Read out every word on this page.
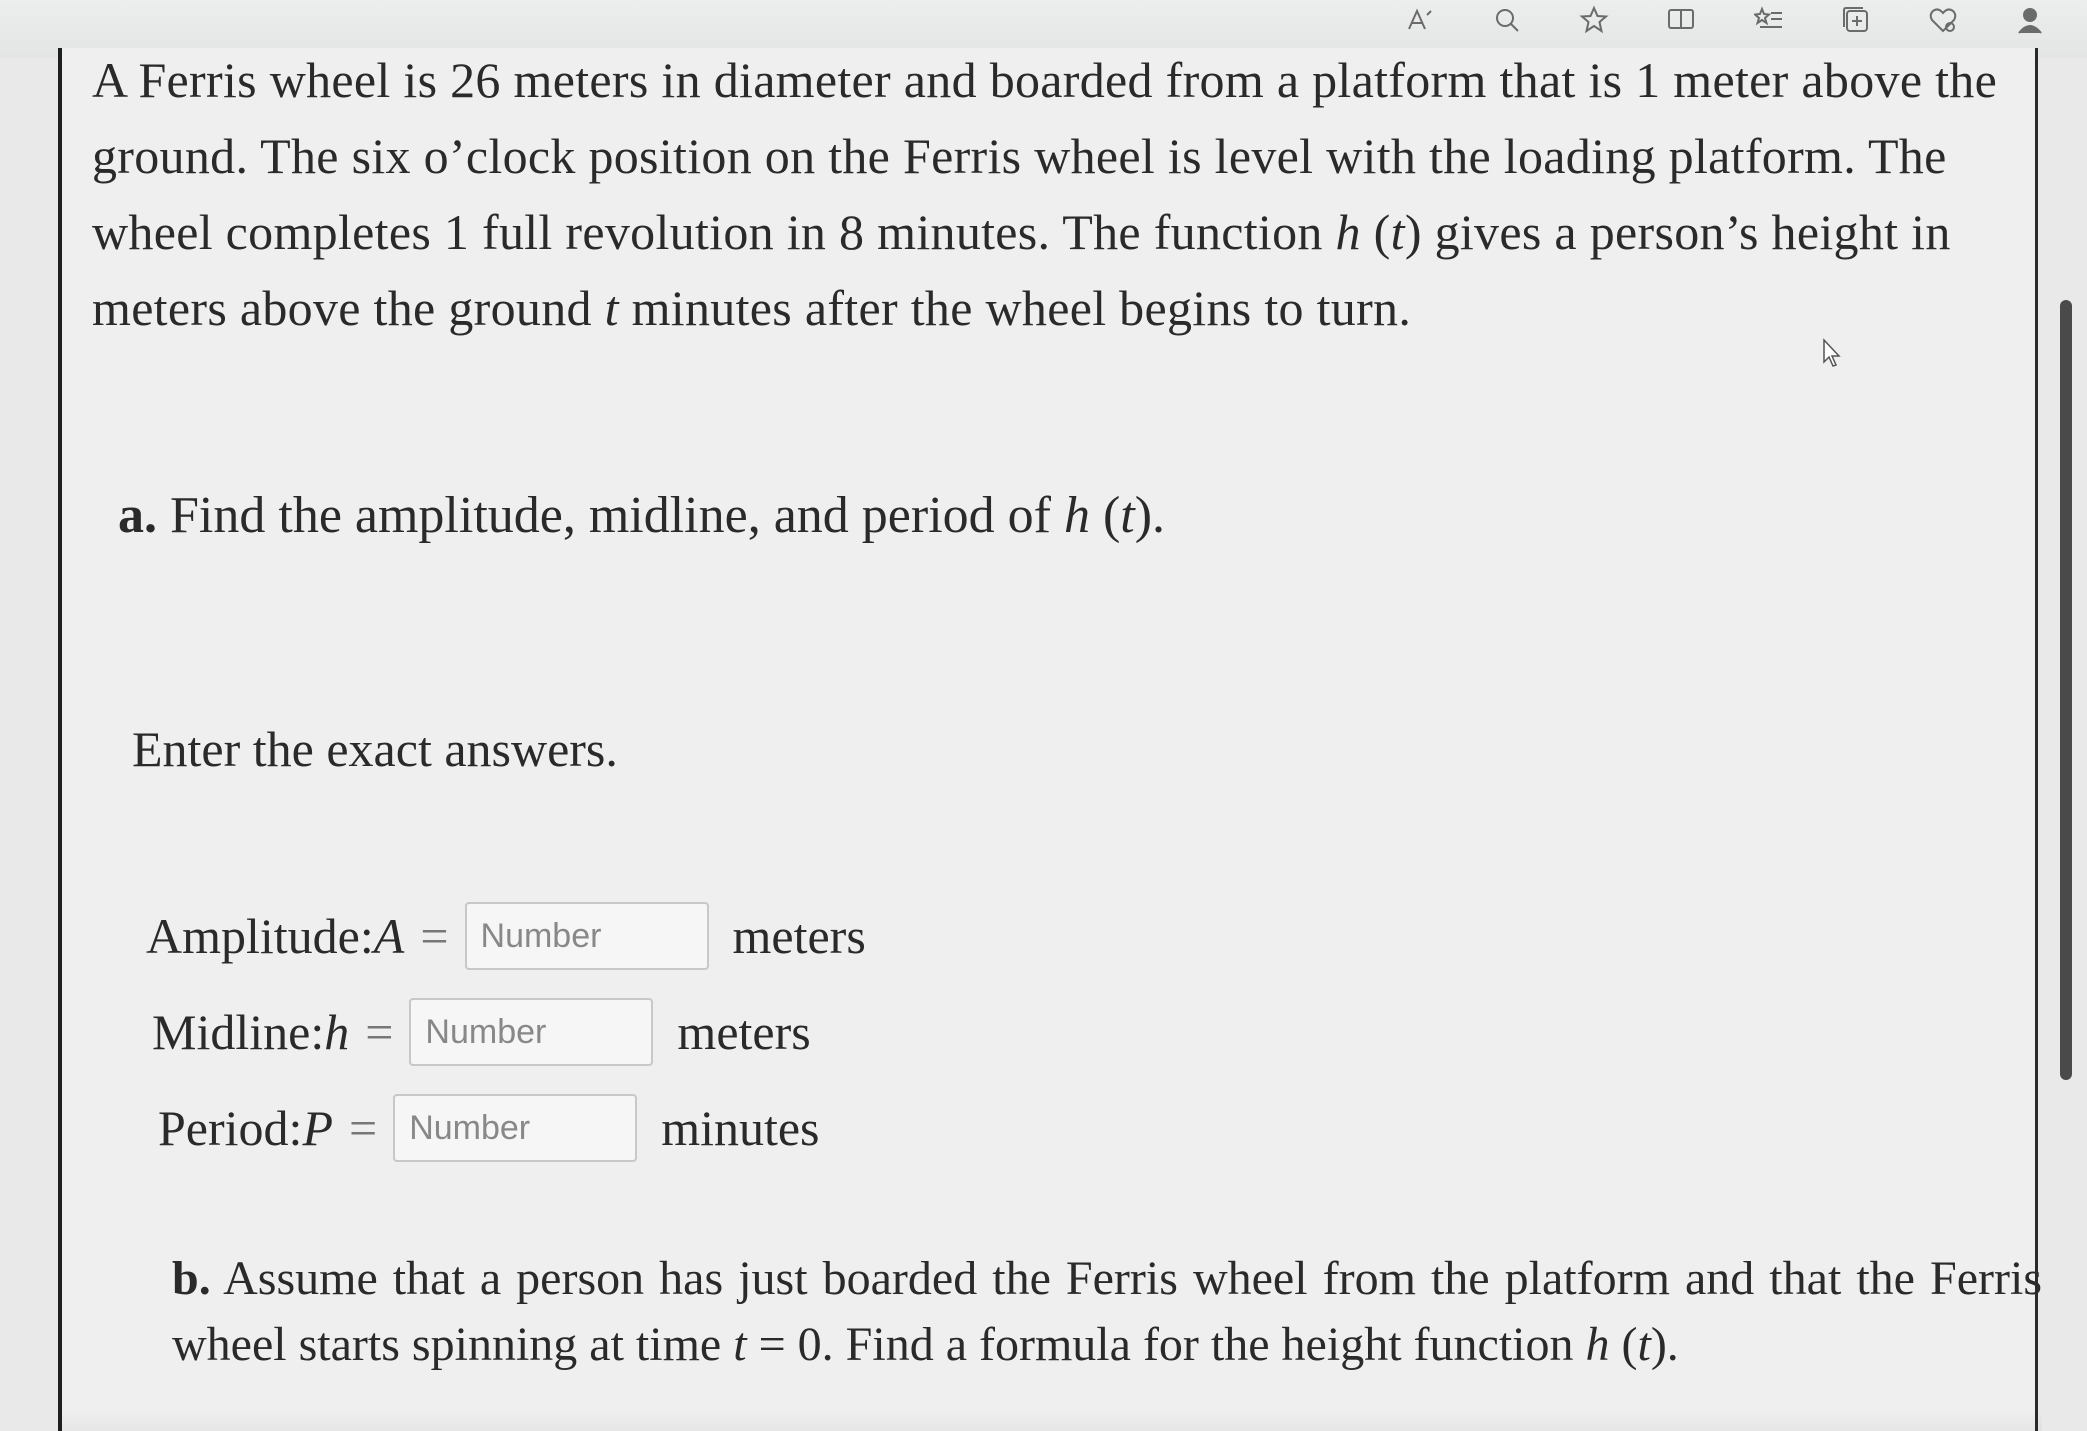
A Ferris wheel is 26 meters in diameter and boarded from a platform that is 1 meter above the ground. The six o’clock position on the Ferris wheel is level with the loading platform. The wheel completes 1 full revolution in 8 minutes. The function h (t) gives a person’s height in meters above the ground t minutes after the wheel begins to turn.
a. Find the amplitude, midline, and period of h (t).
Enter the exact answers.
Amplitude: A =
Number	meters
Midline: h =
Number	meters
Period: P =
Number	minutes
b. Assume that a person has just boarded the Ferris wheel from the platform and that the Ferris wheel starts spinning at time t = 0. Find a formula for the height function h (t).
